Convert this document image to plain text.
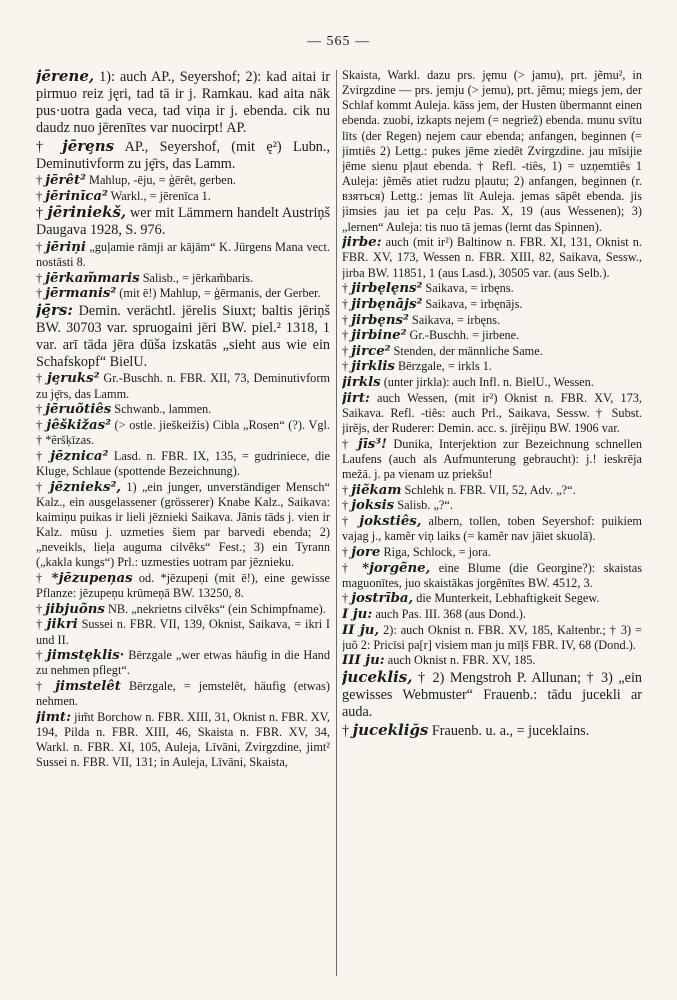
— 565 —
jērene, 1): auch AP., Seyershof; 2): kad aitai ir pirmuo reiz jęri, tad tā ir j. Ramkau. kad aita nāk pus·uotra gada veca, tad viņa ir j. ebenda. cik nu daudz nuo jērenītes var nuocirpt! AP.
† jērȩns AP., Seyershof, (mit ę²) Lubn., Deminutivform zu jȩ̄rs, das Lamm.
† jērêt² Mahlup, -ēju, = ģērêt, gerben.
† jērinīca² Warkl., = jērenīca 1.
† jēriniekš, wer mit Lämmern handelt Austriņš Daugava 1928, S. 976.
† jēriņi „guļamie rāmji ar kājām“ K. Jürgens Mana vect. nostāsti 8.
† jērkam̃maris Salisb., = jērkam̃baris.
† jērmanis² (mit ē!) Mahlup, = ģērmanis, der Gerber.
jȩ̄rs: Demin. verächtl. jērelis Siuxt; baltis jēriņš BW. 30703 var. spruogaini jēri BW. piel.² 1318, 1 var. arī tāda jēra dūša izskatās „sieht aus wie ein Schafskopf“ BielU.
† jȩruks² Gr.-Buschh. n. FBR. XII, 73, Deminutivform zu jȩ̄rs, das Lamm.
† jēruõtiês Schwanb., lammen.
† jêškižas² (> ostle. jieškeižis) Cibla „Rosen“ (?). Vgl. † *ẽršķīzas.
† jēznica² Lasd. n. FBR. IX, 135, = gudriniece, die Kluge, Schlaue (spottende Bezeichnung).
† jēznieks², 1) „ein junger, unverständiger Mensch“ Kalz., ein ausgelassener (grösserer) Knabe Kalz., Saikava: kaimiņu puikas ir lieli jēznieki Saikava. Jānis tāds j. vien ir Kalz. mūsu j. uzmeties šiem par barvedi ebenda; 2) „neveikls, lieļa auguma cilvẽks“ Fest.; 3) ein Tyrann („kakla kungs“) Prl.: uzmesties uotram par jēznieku.
† *jēzupeņas od. *jēzupeņi (mit ē!), eine gewisse Pflanze: jēzupeņu krūmeņā BW. 13250, 8.
† jibjuõns NB. „nekrietns cilvẽks“ (ein Schimpfname).
† jikri Sussei n. FBR. VII, 139, Oknist, Saikava, = ikri I und II.
† jimstęklis· Bērzgale „wer etwas häufig in die Hand zu nehmen pflegt“.
† jimstelêt Bērzgale, = jemstelêt, häufig (etwas) nehmen.
jimt: jim̃t Borchow n. FBR. XIII, 31, Oknist n. FBR. XV, 194, Pilda n. FBR. XIII, 46, Skaista n. FBR. XV, 34, Warkl. n. FBR. XI, 105, Auleja, Līvāni, Zvirgzdine, jimt² Sussei n. FBR. VII, 131; in Auleja, Līvāni, Skaista,
Skaista, Warkl. dazu prs. jęmu (> jamu), prt. jẽmu², in Zvirgzdine — prs. jemju (> jemu), prt. jẽmu; miegs jem, der Schlaf kommt Auleja. kāss jem, der Husten übermannt einen ebenda. zuobi, izkapts nejem (= negrieẑ) ebenda. munu svītu līts (der Regen) nejem caur ebenda; anfangen, beginnen (= jimtiês 2) Lettg.: pukes jēme ziedêt Zvirgzdine. jau mīsijie jēme sienu pļaut ebenda. † Refl. -tiês, 1) = uzņemtiês 1 Auleja: jẽmẽs atiet rudzu pļautu; 2) anfangen, beginnen (r. взяться) Lettg.: jemas līt Auleja. jemas sāpêt ebenda. jis jimsies jau iet pa ceļu Pas. X, 19 (aus Wessenen); 3) „lernen“ Auleja: tis nuo tā jemas (lernt das Spinnen).
jirbe: auch (mit ir²) Baltinow n. FBR. XI, 131, Oknist n. FBR. XV, 173, Wessen n. FBR. XIII, 82, Saikava, Sessw., jirba BW. 11851, 1 (aus Lasd.), 30505 var. (aus Selb.).
† jirbęlęns² Saikava, = irbęns.
† jirbęnājs² Saikava, = irbęnājs.
† jirbęns² Saikava, = irbęns.
† jirbine² Gr.-Buschh. = jirbene.
† jirce² Stenden, der männliche Same.
† jirklis Bērzgale, = irkls 1.
jirkls (unter jirkla): auch Infl. n. BielU., Wessen.
jirt: auch Wessen, (mit ir²) Oknist n. FBR. XV, 173, Saikava. Refl. -tiês: auch Prl., Saikava, Sessw. † Subst. jirẽjs, der Ruderer: Demin. acc. s. jirẽjiņu BW. 1906 var.
† jīs³! Dunika, Interjektion zur Bezeichnung schnellen Laufens (auch als Aufmunterung gebraucht): j.! ieskrēja mežā. j. pa vienam uz priekšu!
† jiẽkam Schlehk n. FBR. VII, 52, Adv. „?“.
† joksis Salisb. „?“.
† jokstiês, albern, tollen, toben Seyershof: puikiem vajag j., kamẽr viņ laiks (= kamẽr nav jāiet skuolā).
† jore Riga, Schlock, = jora.
† *jorgẽne, eine Blume (die Georgine?): skaistas maguonītes, juo skaistākas jorgẽnītes BW. 4512, 3.
† jostrība, die Munterkeit, Lebhaftigkeit Segew.
I ju: auch Pas. III. 368 (aus Dond.).
II ju, 2): auch Oknist n. FBR. XV, 185, Kaltenbr.; † 3) = juõ 2: Pricīsi pa[r] visiem man ju mīļš FBR. IV, 68 (Dond.).
III ju: auch Oknist n. FBR. XV, 185.
juceklis, † 2) Mengstroh P. Allunan; † 3) „ein gewisses Webmuster“ Frauenb.: tādu jucekli ar auda.
† jucekliğs Frauenb. u. a., = juceklains.
